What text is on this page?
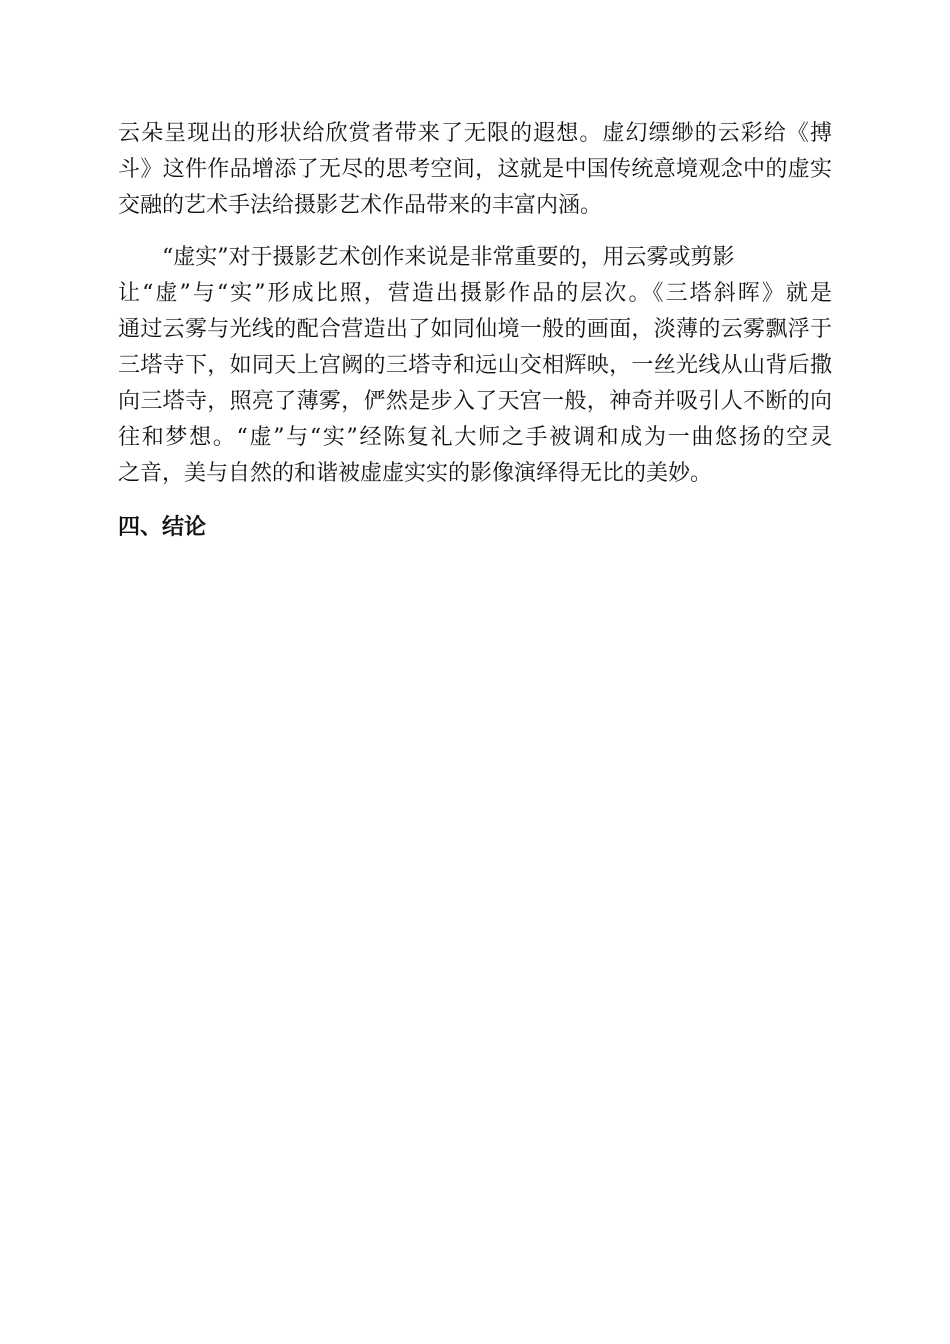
云朵呈现出的形状给欣赏者带来了无限的遐想。虚幻缥缈的云彩给《搏
斗》这件作品增添了无尽的思考空间，这就是中国传统意境观念中的虚实
交融的艺术手法给摄影艺术作品带来的丰富内涵。
“虚实”对于摄影艺术创作来说是非常重要的，用云雾或剪影
让“虚”与“实”形成比照，营造出摄影作品的层次。《三塔斜晖》就是
通过云雾与光线的配合营造出了如同仙境一般的画面，淡薄的云雾飘浮于
三塔寺下，如同天上宫阙的三塔寺和远山交相辉映，一丝光线从山背后撒
向三塔寺，照亮了薄雾，俨然是步入了天宫一般，神奇并吸引人不断的向
往和梦想。“虚”与“实”经陈复礼大师之手被调和成为一曲悠扬的空灵
之音，美与自然的和谐被虚虚实实的影像演绎得无比的美妙。
四、结论
